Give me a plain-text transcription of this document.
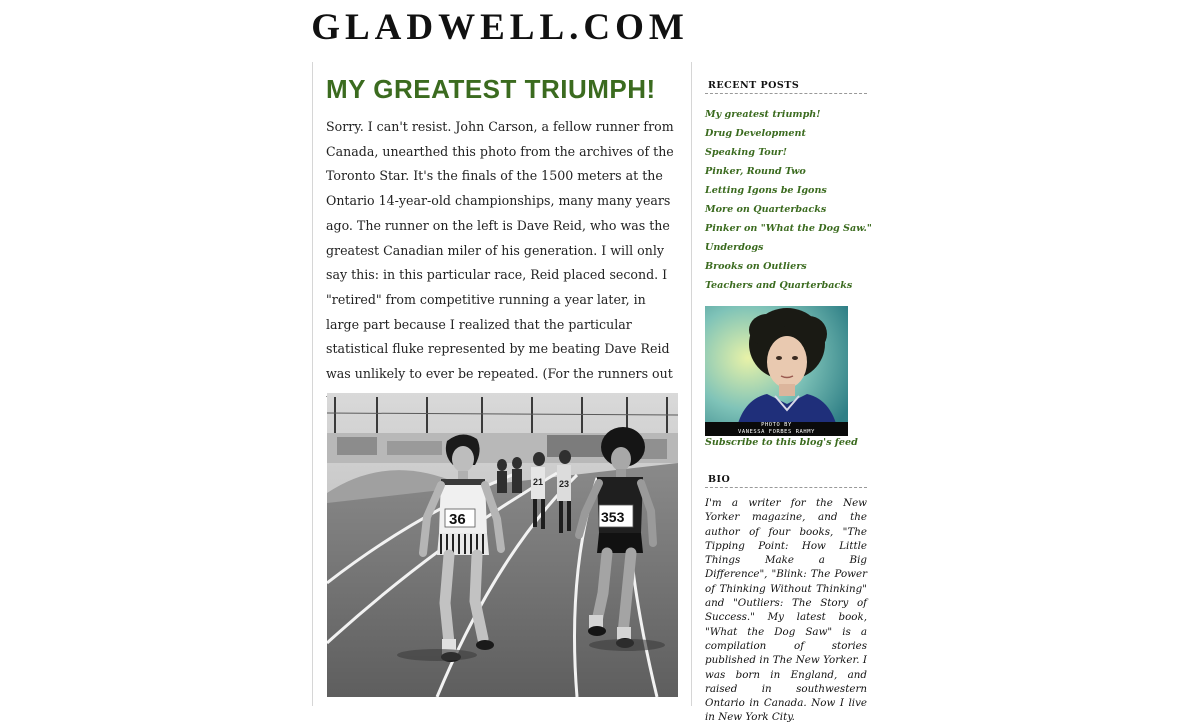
GLADWELL.COM
MY GREATEST TRIUMPH!

Sorry. I can't resist. John Carson, a fellow runner from Canada, unearthed this photo from the archives of the Toronto Star. It's the finals of the 1500 meters at the Ontario 14-year-old championships, many many years ago. The runner on the left is Dave Reid, who was the greatest Canadian miler of his generation. I will only say this: in this particular race, Reid placed second. I "retired" from competitive running a year later, in large part because I realized that the particular statistical fluke represented by me beating Dave Reid was unlikely to ever be repeated. (For the runners out

21 23
36	353
RECENT POSTS
My greatest triumph!
Drug Development
Speaking Tour!
Pinker, Round Two
Letting Igons be Igons
More on Quarterbacks
Pinker on "What the Dog Saw."
Underdogs
Brooks on Outliers
Teachers and Quarterbacks
PHOTO BY
VANESSA FORBES RAHMY
Subscribe to this blog's feed
BIO

I'm a writer for the New Yorker magazine, and the author of four books, "The Tipping Point: How Little Things Make a Big Difference", "Blink: The Power of Thinking Without Thinking" and "Outliers: The Story of Success." My latest book, "What the Dog Saw" is a compilation of stories published in The New Yorker. I was born in England, and raised in southwestern Ontario in Canada. Now I live in New York City.
